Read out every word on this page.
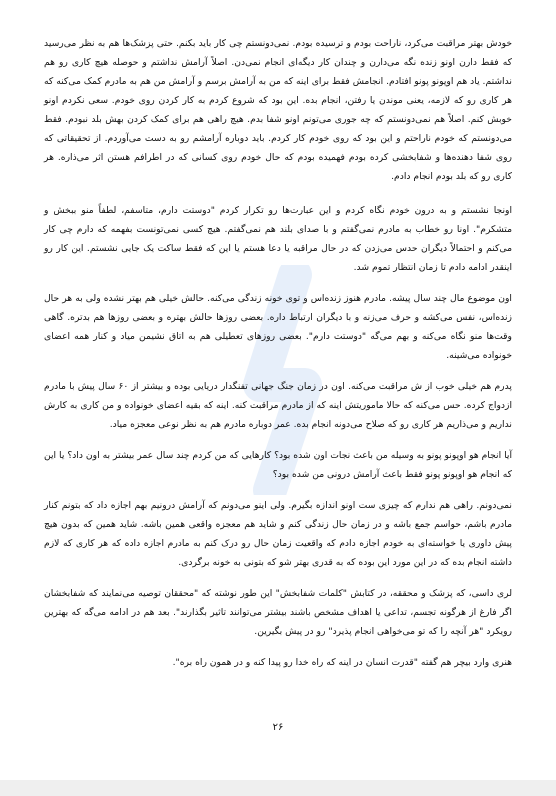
خودش بهتر مراقبت می‌کرد، ناراحت بودم و ترسیده بودم. نمی‌دونستم چی کار باید بکنم. حتی پزشک‌ها هم به نظر می‌رسید که فقط دارن اونو زنده نگه می‌دارن و چندان کار دیگه‌ای انجام نمی‌دن. اصلاً آرامش نداشتم و حوصله هیچ کاری رو هم نداشتم. یاد هم اوپونو پونو افتادم. انجامش فقط برای اینه که من به آرامش برسم و آرامش من هم به مادرم کمک می‌کنه که هر کاری رو که لازمه، یعنی موندن یا رفتن، انجام بده. این بود که شروع کردم به کار کردن روی خودم. سعی نکردم اونو خوبش کنم. اصلاً هم نمی‌دونستم که چه جوری می‌تونم اونو شفا بدم. هیچ راهی هم برای کمک کردن بهش بلد نبودم. فقط می‌دونستم که خودم ناراحتم و این بود که روی خودم کار کردم. باید دوباره آرامشم رو به دست می‌آوردم. از تحقیقاتی که روی شفا دهنده‌ها و شفابخشی کرده بودم فهمیده بودم که حال خودم روی کسانی که در اطرافم هستن اثر می‌ذاره. هر کاری رو که بلد بودم انجام دادم.

اونجا نشستم و به درون خودم نگاه کردم و این عبارت‌ها رو تکرار کردم "دوستت دارم، متاسفم، لطفاً منو ببخش و متشکرم". اونا رو خطاب به مادرم نمی‌گفتم و با صدای بلند هم نمی‌گفتم. هیچ کسی نمی‌تونست بفهمه که دارم چی کار می‌کنم و احتمالاً دیگران حدس می‌زدن که در حال مراقبه یا دعا هستم یا این که فقط ساکت یک جایی نشستم. این کار رو اینقدر ادامه دادم تا زمان انتظار تموم شد.

اون موضوع مال چند سال پیشه. مادرم هنوز زنده‌اس و توی خونه زندگی می‌کنه. حالش خیلی هم بهتر نشده ولی به هر حال زنده‌اس، نفس می‌کشه و حرف می‌زنه و با دیگران ارتباط داره. بعضی روزها حالش بهتره و بعضی روزها هم بدتره. گاهی وقت‌ها منو نگاه می‌کنه و بهم می‌گه "دوستت دارم". بعضی روزهای تعطیلی هم به اتاق نشیمن میاد و کنار همه اعضای خونواده می‌شینه.

پدرم هم خیلی خوب از ش مراقبت می‌کنه. اون در زمان جنگ جهانی تفنگدار دریایی بوده و بیشتر از ۶۰ سال پیش با مادرم ازدواج کرده. حس می‌کنه که حالا ماموریتش اینه که از مادرم مراقبت کنه. اینه که بقیه اعضای خونواده و من کاری به کارش نداریم و می‌ذاریم هر کاری رو که صلاح می‌دونه انجام بده. عمر دوباره مادرم هم به نظر نوعی معجزه میاد.

آیا انجام هو اوپونو پونو به وسیله من باعث نجات اون شده بود؟ کارهایی که من کردم چند سال عمر بیشتر به اون داد؟ یا این که انجام هو اوپونو پونو فقط باعث آرامش درونی من شده بود؟

نمی‌دونم. راهی هم ندارم که چیزی ست اونو اندازه بگیرم. ولی اینو می‌دونم که آرامش درونیم بهم اجازه داد که بتونم کنار مادرم باشم، حواسم جمع باشه و در زمان حال زندگی کنم و شاید هم معجزه واقعی همین باشه. شاید همین که بدون هیچ پیش داوری یا خواسته‌ای به خودم اجازه دادم که واقعیت زمان حال رو درک کنم به مادرم اجازه داده که هر کاری که لازم داشته انجام بده که در این مورد این بوده که به قدری بهتر شو که بتونی به خونه برگردی.

لری داسی، که پزشک و محققه، در کتابش "کلمات شفابخش" این طور نوشته که "محققان توصیه می‌نمایند که شفابخشان اگر فارغ از هرگونه تجسم، تداعی یا اهداف مشخص باشند بیشتر می‌توانند تاثیر بگذارند". بعد هم در ادامه می‌گه که بهترین رویکرد "هر آنچه را که تو می‌خواهی انجام پذیرد" رو در پیش بگیرین.

هنری وارد بیچر هم گفته "قدرت انسان در اینه که راه خدا رو پیدا کنه و در همون راه بره".

۲۶
